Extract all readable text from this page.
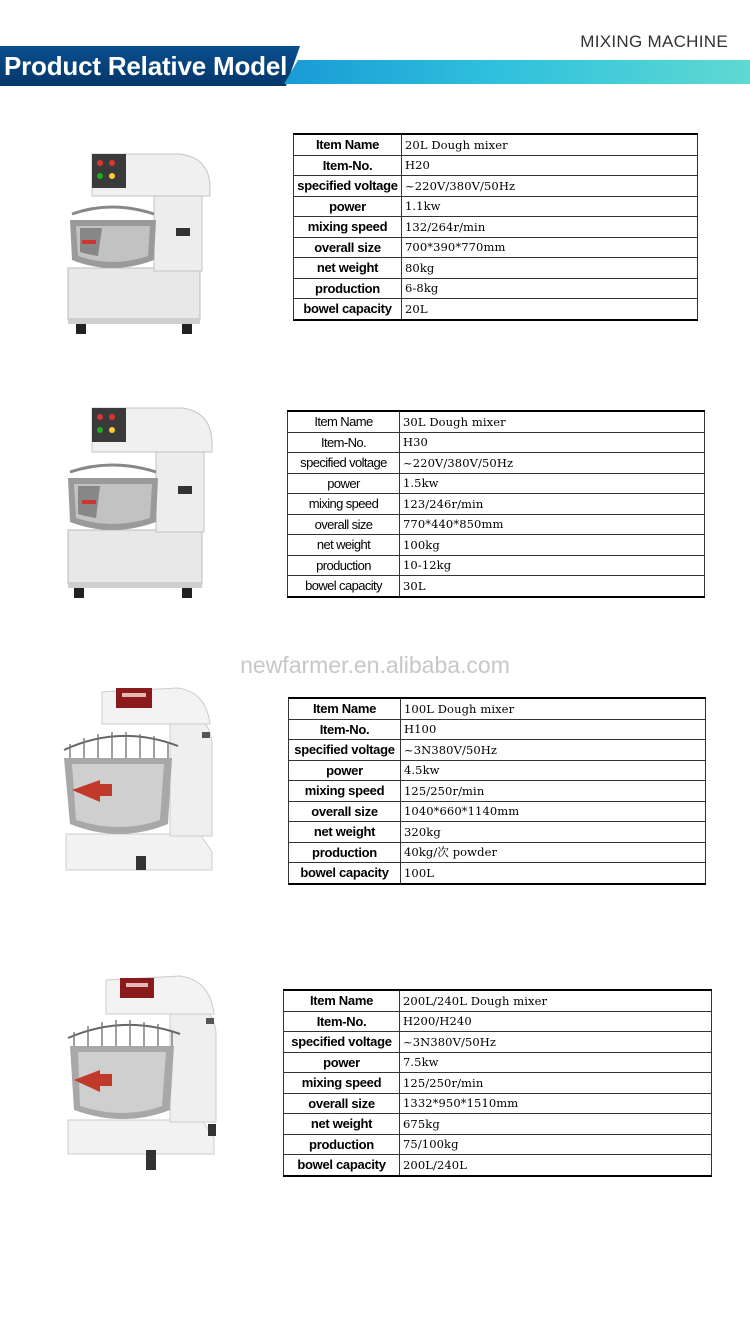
MIXING MACHINE
Product Relative Model
Item Name	20L Dough mixer
Item-No.	H20
specified voltage	~220V/380V/50Hz
power	1.1kw
mixing speed	132/264r/min
overall size	700*390*770mm
net weight	80kg
production	6-8kg
bowel capacity	20L
Item Name	30L Dough mixer
Item-No.	H30
specified voltage	~220V/380V/50Hz
power	1.5kw
mixing speed	123/246r/min
overall size	770*440*850mm
net weight	100kg
production	10-12kg
bowel capacity	30L
newfarmer.en.alibaba.com
Item Name	100L Dough mixer
Item-No.	H100
specified voltage	~3N380V/50Hz
power	4.5kw
mixing speed	125/250r/min
overall size	1040*660*1140mm
net weight	320kg
production	40kg/次 powder
bowel capacity	100L
Item Name	200L/240L Dough mixer
Item-No.	H200/H240
specified voltage	~3N380V/50Hz
power	7.5kw
mixing speed	125/250r/min
overall size	1332*950*1510mm
net weight	675kg
production	75/100kg
bowel capacity	200L/240L
